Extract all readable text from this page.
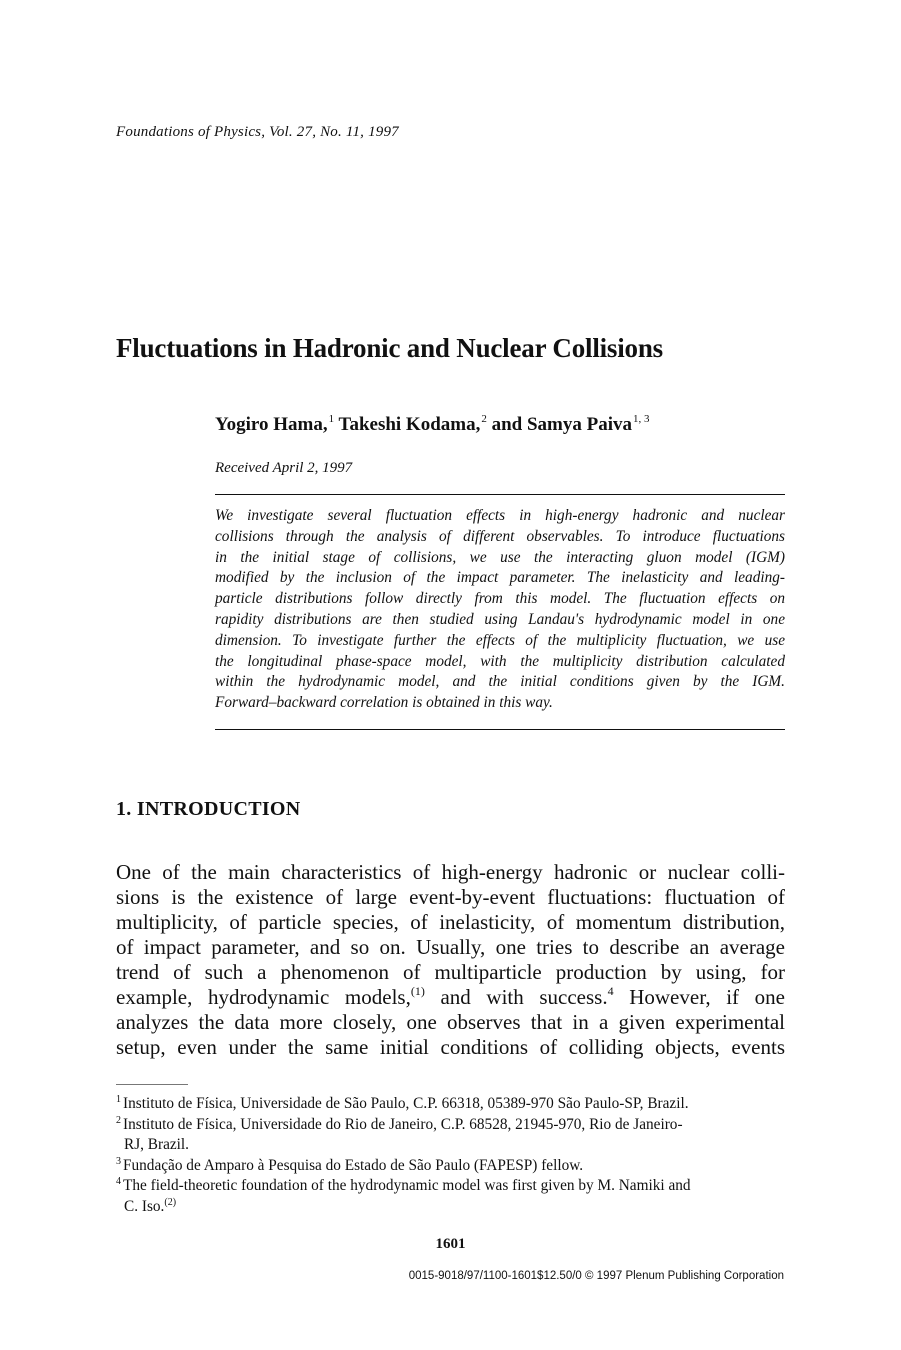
Foundations of Physics, Vol. 27, No. 11, 1997
Fluctuations in Hadronic and Nuclear Collisions
Yogiro Hama,$^1$ Takeshi Kodama,$^2$ and Samya Paiva$^{1, 3}$
Received April 2, 1997
We investigate several fluctuation effects in high-energy hadronic and nuclear
collisions through the analysis of different observables. To introduce fluctuations
in the initial stage of collisions, we use the interacting gluon model (IGM)
modified by the inclusion of the impact parameter. The inelasticity and leading-
particle distributions follow directly from this model. The fluctuation effects on
rapidity distributions are then studied using Landau's hydrodynamic model in one
dimension. To investigate further the effects of the multiplicity fluctuation, we use
the longitudinal phase-space model, with the multiplicity distribution calculated
within the hydrodynamic model, and the initial conditions given by the IGM.
Forward–backward correlation is obtained in this way.
1. INTRODUCTION
One of the main characteristics of high-energy hadronic or nuclear colli-
sions is the existence of large event-by-event fluctuations: fluctuation of
multiplicity, of particle species, of inelasticity, of momentum distribution,
of impact parameter, and so on. Usually, one tries to describe an average
trend of such a phenomenon of multiparticle production by using, for
example, hydrodynamic models,$^{(1)}$ and with success.$^4$ However, if one
analyzes the data more closely, one observes that in a given experimental
setup, even under the same initial conditions of colliding objects, events
$^1$ Instituto de Física, Universidade de São Paulo, C.P. 66318, 05389-970 São Paulo-SP, Brazil.
$^2$ Instituto de Física, Universidade do Rio de Janeiro, C.P. 68528, 21945-970, Rio de Janeiro-
RJ, Brazil.
$^3$ Fundação de Amparo à Pesquisa do Estado de São Paulo (FAPESP) fellow.
$^4$ The field-theoretic foundation of the hydrodynamic model was first given by M. Namiki and
C. Iso.$^{(2)}$
1601
0015-9018/97/1100-1601$12.50/0 © 1997 Plenum Publishing Corporation
